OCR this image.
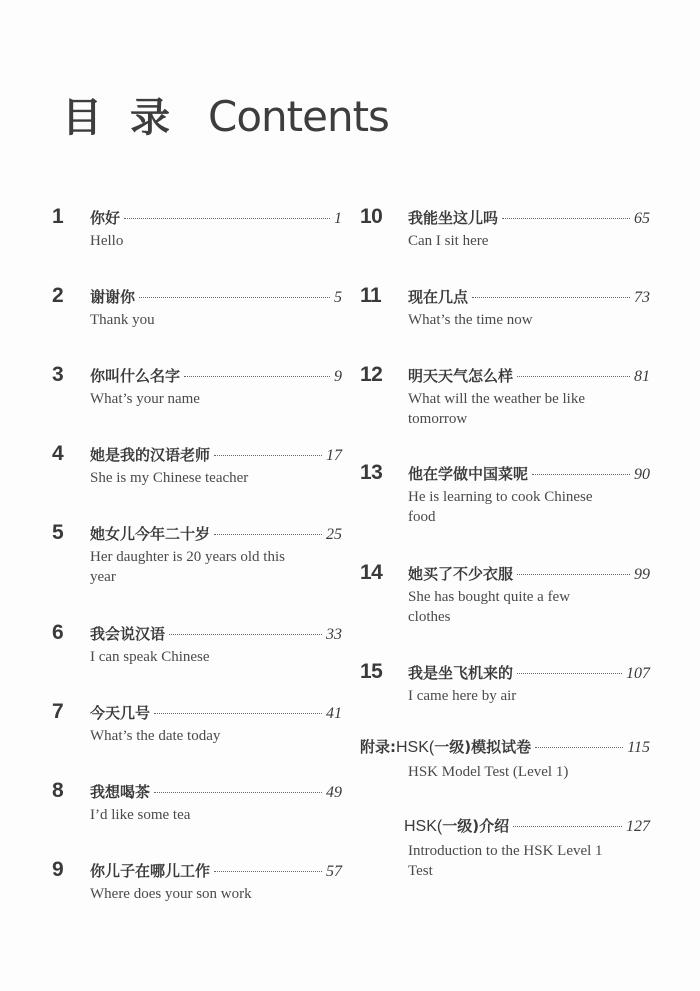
目录 Contents
1	你好	1
Hello
2	谢谢你	5
Thank you
3	你叫什么名字	9
What’s your name
4	她是我的汉语老师	17
She is my Chinese teacher
5	她女儿今年二十岁	25
Her daughter is 20 years old this year
6	我会说汉语	33
I can speak Chinese
7	今天几号	41
What’s the date today
8	我想喝茶	49
I’d like some tea
9	你儿子在哪儿工作	57
Where does your son work
10	我能坐这儿吗	65
Can I sit here
11	现在几点	73
What’s the time now
12	明天天气怎么样	81
What will the weather be like tomorrow
13	他在学做中国菜呢	90
He is learning to cook Chinese food
14	她买了不少衣服	99
She has bought quite a few clothes
15	我是坐飞机来的	107
I came here by air
附录: HSK(一级)模拟试卷	115
HSK Model Test (Level 1)
HSK(一级)介绍	127
Introduction to the HSK Level 1 Test
